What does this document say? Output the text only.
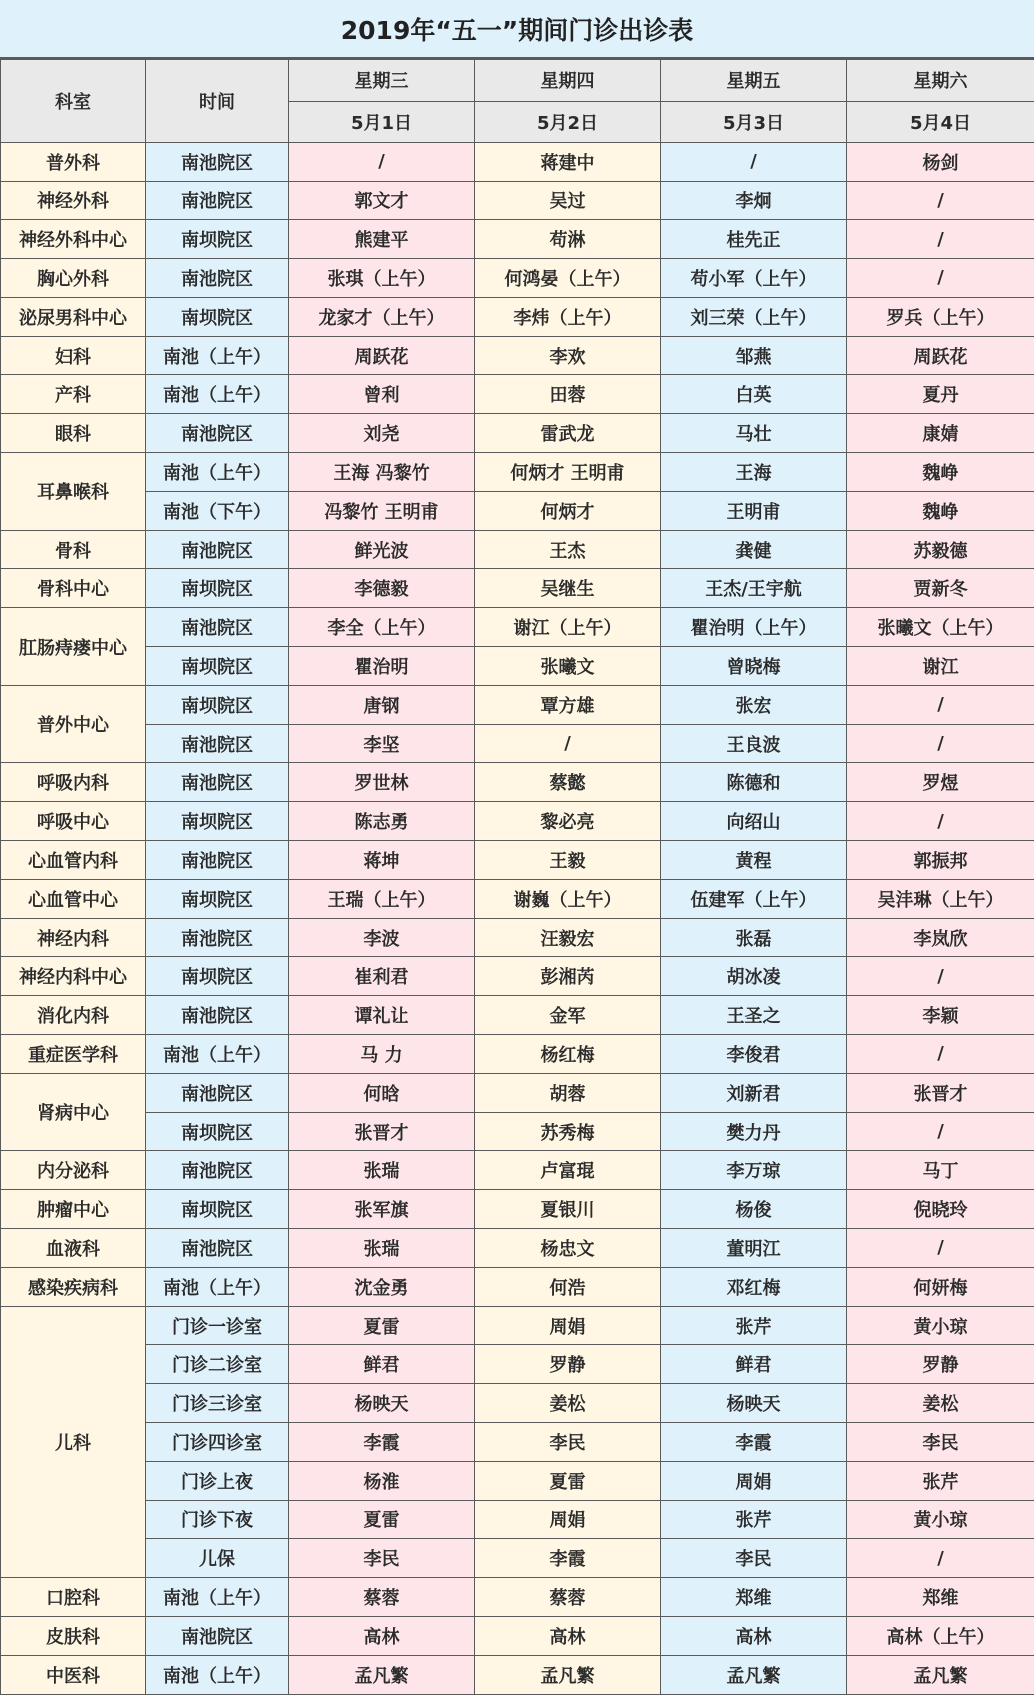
2019年“五一”期间门诊出诊表
科室	时间	星期三	星期四	星期五	星期六
		5月1日	5月2日	5月3日	5月4日
普外科	南池院区	/	蒋建中	/	杨剑
神经外科	南池院区	郭文才	吴过	李炯	/
神经外科中心	南坝院区	熊建平	苟淋	桂先正	/
胸心外科	南池院区	张琪（上午）	何鸿晏（上午）	苟小军（上午）	/
泌尿男科中心	南坝院区	龙家才（上午）	李炜（上午）	刘三荣（上午）	罗兵（上午）
妇科	南池（上午）	周跃花	李欢	邹燕	周跃花
产科	南池（上午）	曾利	田蓉	白英	夏丹
眼科	南池院区	刘尧	雷武龙	马壮	康婧
耳鼻喉科	南池（上午）	王海 冯黎竹	何炳才 王明甫	王海	魏峥
	南池（下午）	冯黎竹 王明甫	何炳才	王明甫	魏峥
骨科	南池院区	鲜光波	王杰	龚健	苏毅德
骨科中心	南坝院区	李德毅	吴继生	王杰/王宇航	贾新冬
肛肠痔瘘中心	南池院区	李全（上午）	谢江（上午）	瞿治明（上午）	张曦文（上午）
	南坝院区	瞿治明	张曦文	曾晓梅	谢江
普外中心	南坝院区	唐钢	覃方雄	张宏	/
	南池院区	李坚	/	王良波	/
呼吸内科	南池院区	罗世林	蔡懿	陈德和	罗煜
呼吸中心	南坝院区	陈志勇	黎必亮	向绍山	/
心血管内科	南池院区	蒋坤	王毅	黄程	郭振邦
心血管中心	南坝院区	王瑞（上午）	谢巍（上午）	伍建军（上午）	吴沣琳（上午）
神经内科	南池院区	李波	汪毅宏	张磊	李岚欣
神经内科中心	南坝院区	崔利君	彭湘芮	胡冰凌	/
消化内科	南池院区	谭礼让	金军	王圣之	李颖
重症医学科	南池（上午）	马 力	杨红梅	李俊君	/
肾病中心	南池院区	何晗	胡蓉	刘新君	张晋才
	南坝院区	张晋才	苏秀梅	樊力丹	/
内分泌科	南池院区	张瑞	卢富琨	李万琼	马丁
肿瘤中心	南坝院区	张军旗	夏银川	杨俊	倪晓玲
血液科	南池院区	张瑞	杨忠文	董明江	/
感染疾病科	南池（上午）	沈金勇	何浩	邓红梅	何妍梅
儿科	门诊一诊室	夏雷	周娟	张芹	黄小琼
	门诊二诊室	鲜君	罗静	鲜君	罗静
	门诊三诊室	杨映天	姜松	杨映天	姜松
	门诊四诊室	李霞	李民	李霞	李民
	门诊上夜	杨淮	夏雷	周娟	张芹
	门诊下夜	夏雷	周娟	张芹	黄小琼
	儿保	李民	李霞	李民	/
口腔科	南池（上午）	蔡蓉	蔡蓉	郑维	郑维
皮肤科	南池院区	高林	高林	高林	高林（上午）
中医科	南池（上午）	孟凡繁	孟凡繁	孟凡繁	孟凡繁
